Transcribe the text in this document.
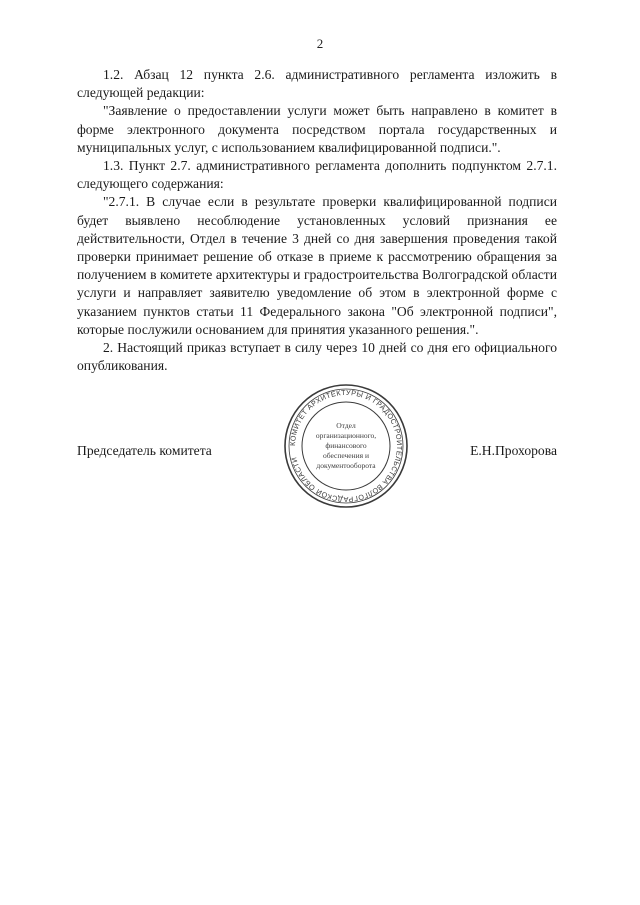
2

1.2. Абзац 12 пункта 2.6. административного регламента изложить в следующей редакции:

"Заявление о предоставлении услуги может быть направлено в комитет в форме электронного документа посредством портала государственных и муниципальных услуг, с использованием квалифицированной подписи.".

1.3. Пункт 2.7. административного регламента дополнить подпунктом 2.7.1. следующего содержания:

"2.7.1. В случае если в результате проверки квалифицированной подписи будет выявлено несоблюдение установленных условий признания ее действительности, Отдел в течение 3 дней со дня завершения проведения такой проверки принимает решение об отказе в приеме к рассмотрению обращения за получением в комитете архитектуры и градостроительства Волгоградской области услуги и направляет заявителю уведомление об этом в электронной форме с указанием пунктов статьи 11 Федерального закона "Об электронной подписи", которые послужили основанием для принятия указанного решения.".

2. Настоящий приказ вступает в силу через 10 дней со дня его официального опубликования.

Председатель комитета	Е.Н.Прохорова
КОМИТЕТ АРХИТЕКТУРЫ И ГРАДОСТРОИТЕЛЬСТВА ВОЛГОГРАДСКОЙ ОБЛАСТИ
Отдел
организационного,
финансового
обеспечения и
документооборота
